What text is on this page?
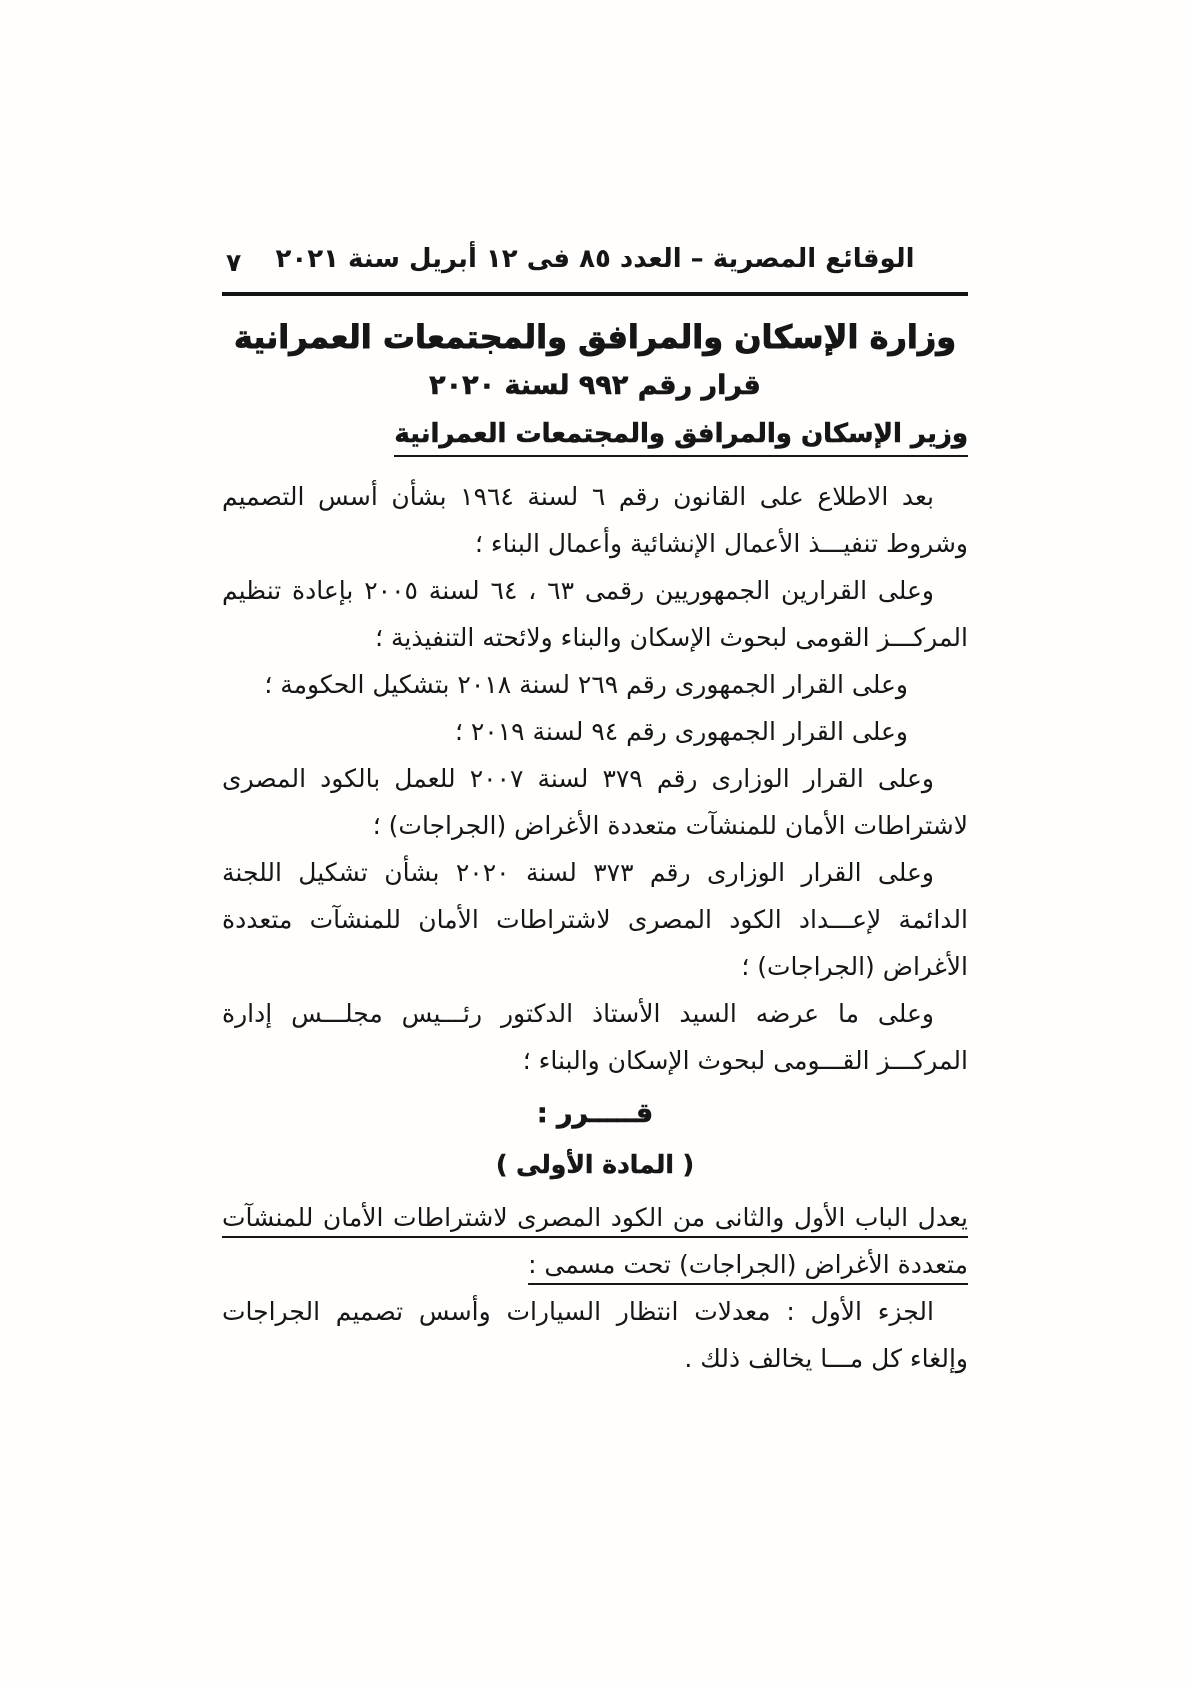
٧	الوقائع المصرية – العدد ٨٥ فى ١٢ أبريل سنة ٢٠٢١
وزارة الإسكان والمرافق والمجتمعات العمرانية
قرار رقم ٩٩٢ لسنة ٢٠٢٠
وزير الإسكان والمرافق والمجتمعات العمرانية

بعد الاطلاع على القانون رقم ٦ لسنة ١٩٦٤ بشأن أسس التصميم وشروط تنفيـــذ الأعمال الإنشائية وأعمال البناء ؛

وعلى القرارين الجمهوريين رقمى ٦٣ ، ٦٤ لسنة ٢٠٠٥ بإعادة تنظيم المركـــز القومى لبحوث الإسكان والبناء ولائحته التنفيذية ؛

وعلى القرار الجمهورى رقم ٢٦٩ لسنة ٢٠١٨ بتشكيل الحكومة ؛

وعلى القرار الجمهورى رقم ٩٤ لسنة ٢٠١٩ ؛

وعلى القرار الوزارى رقم ٣٧٩ لسنة ٢٠٠٧ للعمل بالكود المصرى لاشتراطات الأمان للمنشآت متعددة الأغراض (الجراجات) ؛

وعلى القرار الوزارى رقم ٣٧٣ لسنة ٢٠٢٠ بشأن تشكيل اللجنة الدائمة لإعـــداد الكود المصرى لاشتراطات الأمان للمنشآت متعددة الأغراض (الجراجات) ؛

وعلى ما عرضه السيد الأستاذ الدكتور رئـــيس مجلـــس إدارة المركـــز القـــومى لبحوث الإسكان والبناء ؛

قـــــرر :

( المادة الأولى )

يعدل الباب الأول والثانى من الكود المصرى لاشتراطات الأمان للمنشآت متعددة الأغراض (الجراجات) تحت مسمى :

الجزء الأول : معدلات انتظار السيارات وأسس تصميم الجراجات وإلغاء كل مـــا يخالف ذلك .
